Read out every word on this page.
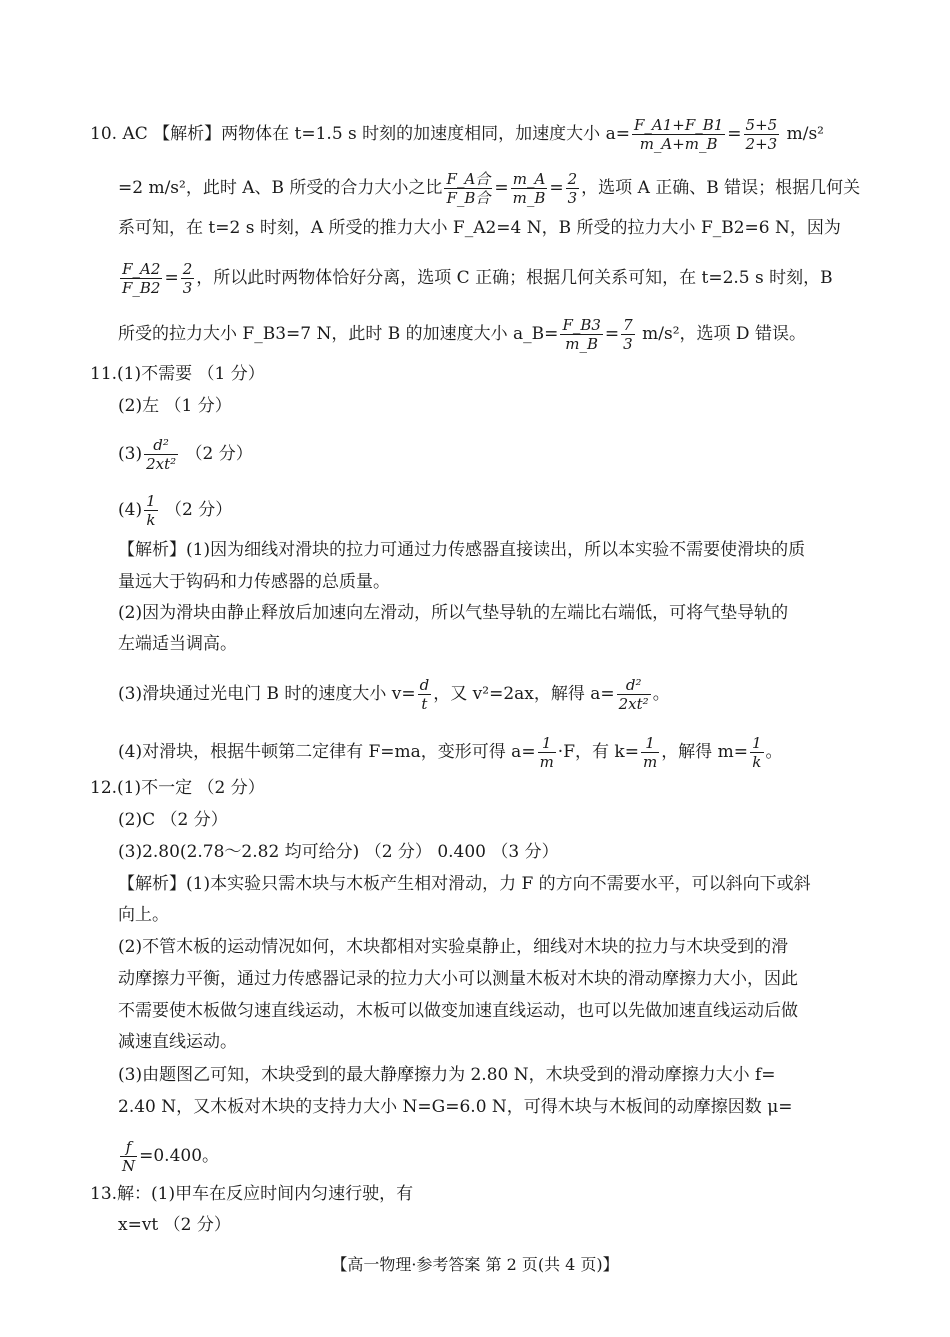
10. AC 【解析】两物体在 t=1.5 s 时刻的加速度相同，加速度大小 $a= \frac{F\_A1+F\_B1}{m\_A+m\_B} = \frac{5+5}{2+3} m/s^2$
=2 m/s²，此时 A、B 所受的合力大小之比 $\frac{\text{F\_A合}}{\text{F\_B合}} = \frac{m\_A}{m\_B} = \frac{2}{3}$ ，选项 A 正确、B 错误；根据几何关
系可知，在 t=2 s 时刻，A 所受的推力大小 F_A2=4 N，B 所受的拉力大小 F_B2=6 N，因为
$\frac{F\_A2}{F\_B2} = \frac{2}{3}$ ，所以此时两物体恰好分离，选项 C 正确；根据几何关系可知，在 t=2.5 s 时刻，B
所受的拉力大小 F_B3=7 N，此时 B 的加速度大小 a_B= $\frac{F\_B3}{m\_B} = \frac{7}{3} m/s^2$，选项 D 错误。
11.(1)不需要 （1 分）
(2)左 （1 分）
$(3) \frac{\text{d²}}{\text{2xt²}} (2$ 分）
$(4) \frac{1}{k} (2$ 分）
【解析】(1)因为细线对滑块的拉力可通过力传感器直接读出，所以本实验不需要使滑块的质
量远大于钩码和力传感器的总质量。
(2)因为滑块由静止释放后加速向左滑动，所以气垫导轨的左端比右端低，可将气垫导轨的
左端适当调高。
(3)滑块通过光电门 B 时的速度大小 $v= \frac{d}{t}$ ，又 v²=2ax，解得 $a= \frac{\text{d²}}{\text{2xt²}}$ 。
(4)对滑块，根据牛顿第二定律有 F=ma，变形可得 $a= \frac{1}{m} \cdot F$，有 $k= \frac{1}{m}$ ，解得 $m= \frac{1}{k}$ 。
12.(1)不一定 （2 分）
(2)C （2 分）
(3)2.80(2.78～2.82 均可给分) （2 分） 0.400 （3 分）
【解析】(1)本实验只需木块与木板产生相对滑动，力 F 的方向不需要水平，可以斜向下或斜
向上。
(2)不管木板的运动情况如何，木块都相对实验桌静止，细线对木块的拉力与木块受到的滑
动摩擦力平衡，通过力传感器记录的拉力大小可以测量木板对木块的滑动摩擦力大小，因此
不需要使木板做匀速直线运动，木板可以做变加速直线运动，也可以先做加速直线运动后做
减速直线运动。
(3)由题图乙可知，木块受到的最大静摩擦力为 2.80 N，木块受到的滑动摩擦力大小 f=
2.40 N，又木板对木块的支持力大小 N=G=6.0 N，可得木块与木板间的动摩擦因数 μ=
$\frac{f}{N} =0.400$。
13.解：(1)甲车在反应时间内匀速行驶，有
x=vt （2 分）
【高一物理·参考答案 第 2 页(共 4 页)】
